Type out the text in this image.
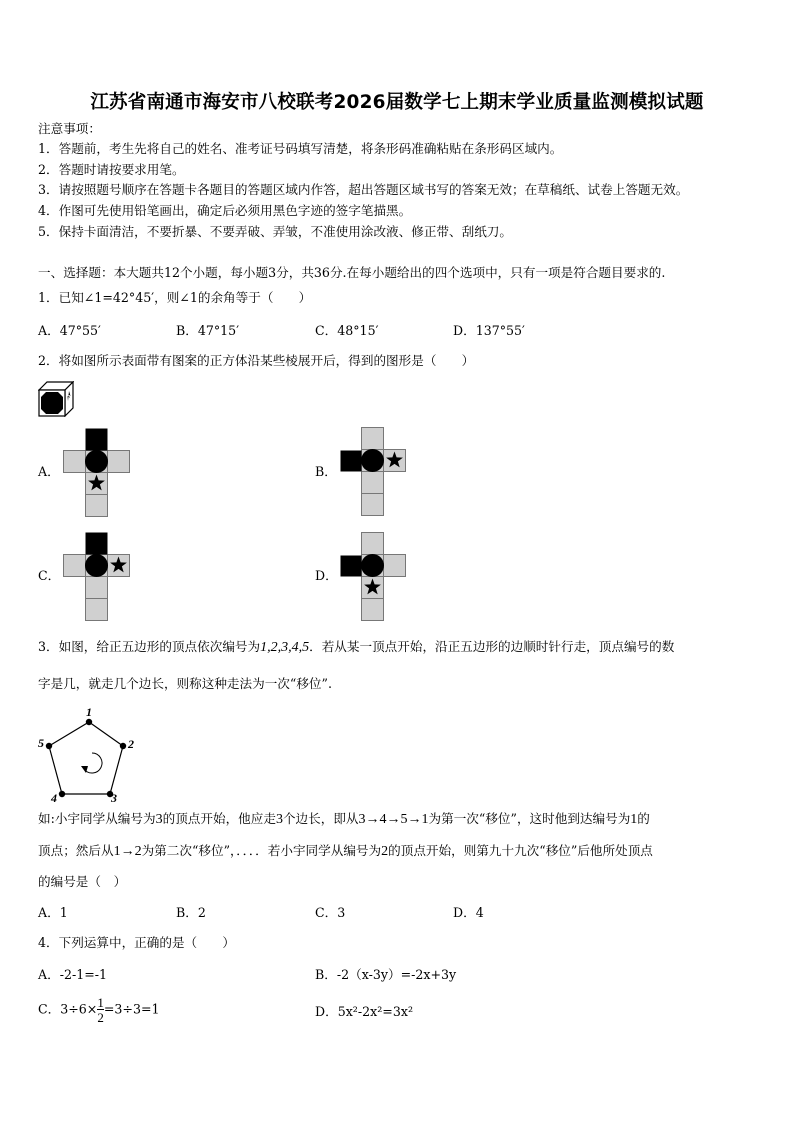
江苏省南通市海安市八校联考2026届数学七上期末学业质量监测模拟试题
注意事项：
1．答题前，考生先将自己的姓名、准考证号码填写清楚，将条形码准确粘贴在条形码区域内。
2．答题时请按要求用笔。
3．请按照题号顺序在答题卡各题目的答题区域内作答，超出答题区域书写的答案无效；在草稿纸、试卷上答题无效。
4．作图可先使用铅笔画出，确定后必须用黑色字迹的签字笔描黑。
5．保持卡面清洁，不要折暴、不要弄破、弄皱，不准使用涂改液、修正带、刮纸刀。
一、选择题：本大题共12个小题，每小题3分，共36分.在每小题给出的四个选项中，只有一项是符合题目要求的.
1．已知∠1=42°45′，则∠1的余角等于（　　）
A．47°55′	B．47°15′	C．48°15′	D．137°55′
2．将如图所示表面带有图案的正方体沿某些棱展开后，得到的图形是（　　）
A．	B．
C．	D．
3．如图，给正五边形的顶点依次编号为1,2,3,4,5．若从某一顶点开始，沿正五边形的边顺时针行走，顶点编号的数
字是几，就走几个边长，则称这种走法为一次“移位”.
1
2
3
4
5
如:小宇同学从编号为3的顶点开始，他应走3个边长，即从3→4→5→1为第一次“移位”，这时他到达编号为1的
顶点；然后从1→2为第二次“移位”，．．．．若小宇同学从编号为2的顶点开始，则第九十九次“移位”后他所处顶点
的编号是（　）
A．1	B．2	C．3	D．4
4．下列运算中，正确的是（　　）
A．-2-1=-1	B．-2（x-3y）=-2x+3y
C．$3\div 6\times \frac{1}{2} =3\div 3=1$	D．5x²-2x²=3x²
